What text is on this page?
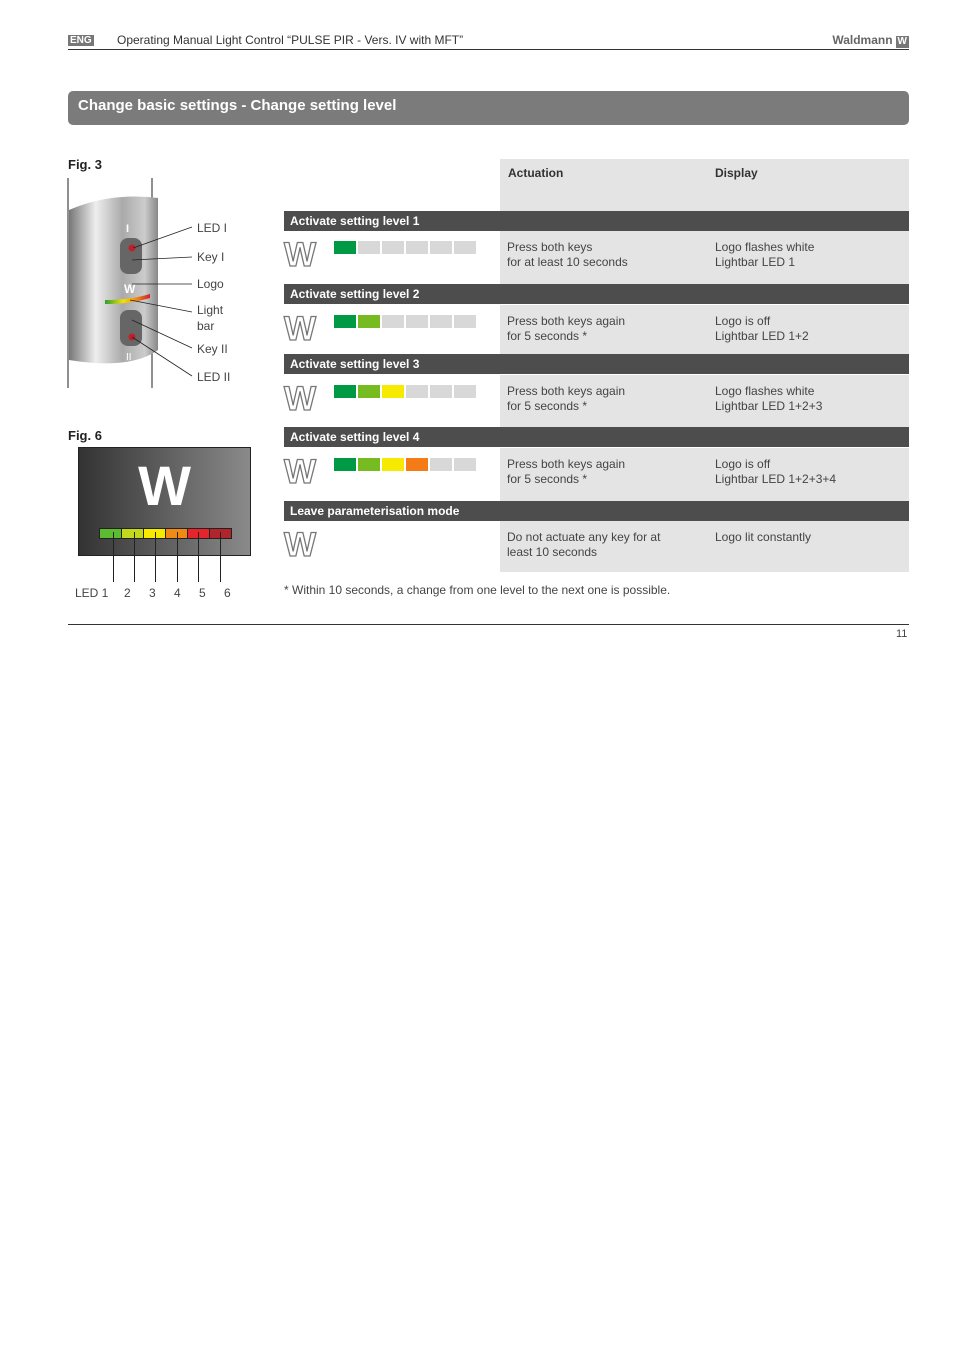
ENG Operating Manual Light Control “PULSE PIR - Vers. IV with MFT”	Waldmann W
Change basic settings - Change setting level
Fig. 3
I
II
W
LED I
Key I
Logo
Light
bar
Key II
LED II
Fig. 6
W
LED 1 2 3 4 5 6
Actuation	Display
Activate setting level 1
Press both keys
for at least 10 seconds
Logo flashes white
Lightbar LED 1
W
Activate setting level 2
Press both keys again
for 5 seconds *
Logo is off
Lightbar LED 1+2
W
Activate setting level 3
Press both keys again
for 5 seconds *
Logo flashes white
Lightbar LED 1+2+3
W
Activate setting level 4
Press both keys again
for 5 seconds *
Logo is off
Lightbar LED 1+2+3+4
W
Leave parameterisation mode
Do not actuate any key for at
least 10 seconds
Logo lit constantly
W
* Within 10 seconds, a change from one level to the next one is possible.
11
